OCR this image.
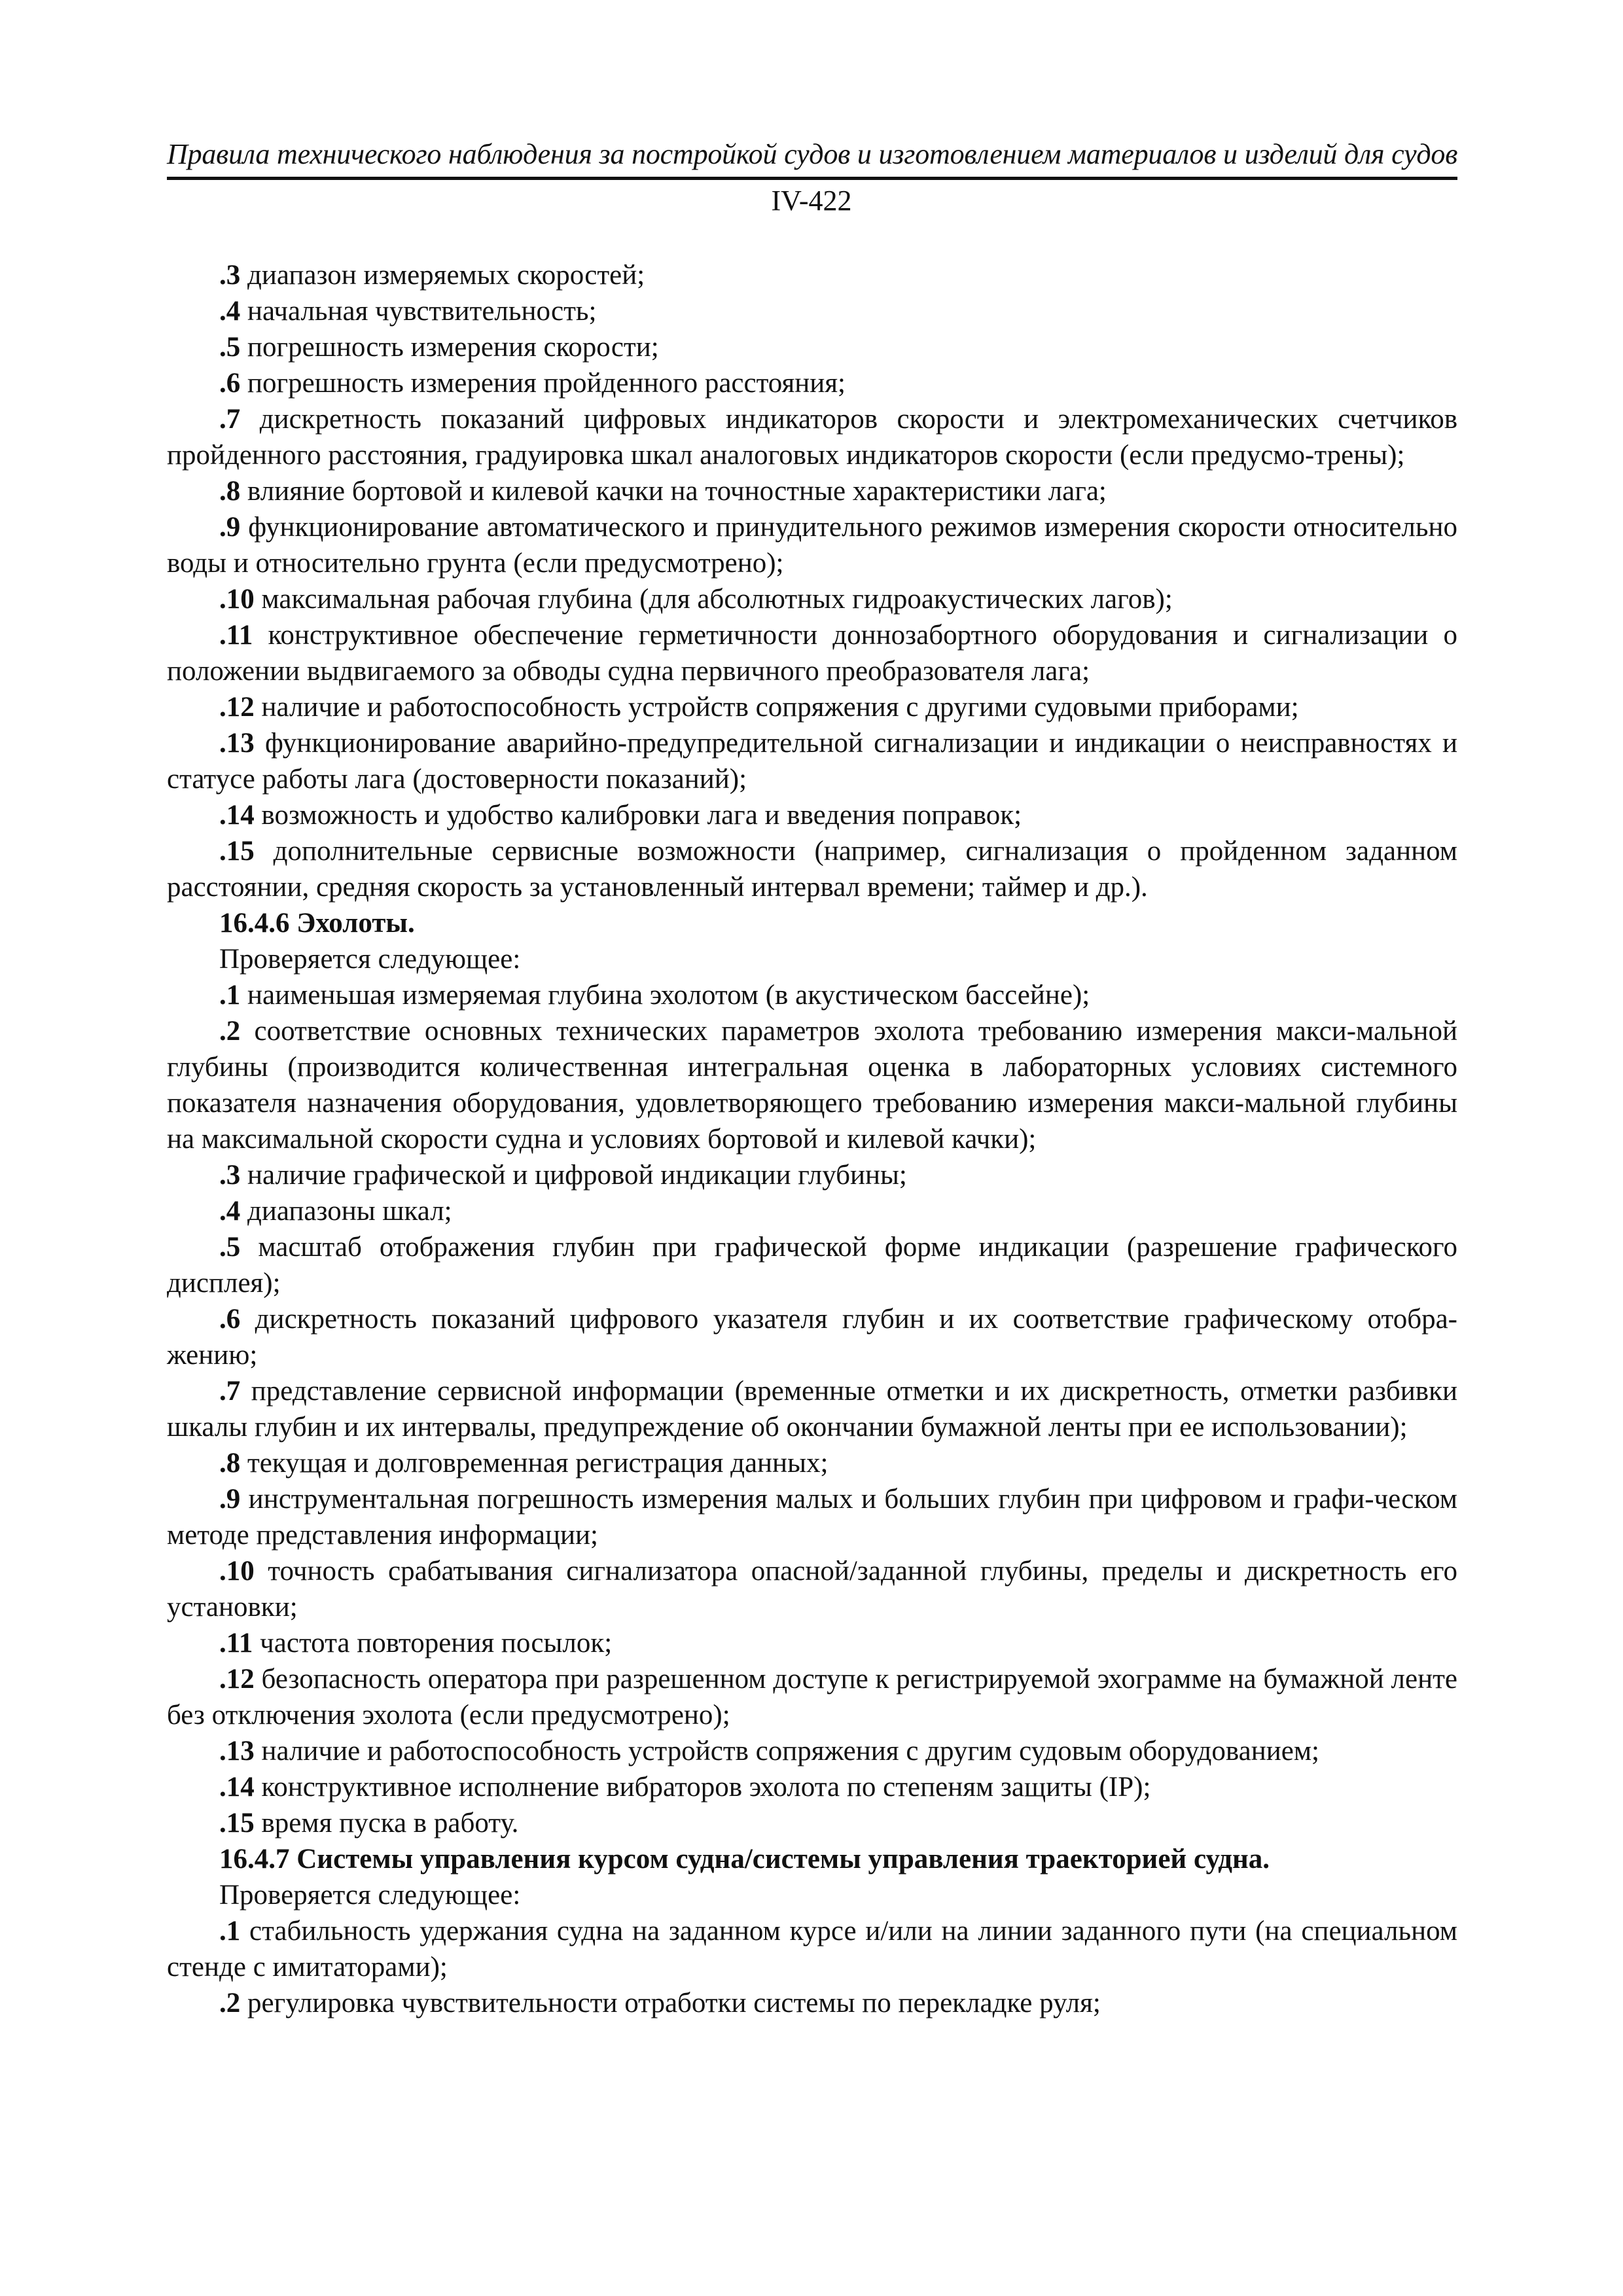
Правила технического наблюдения за постройкой судов и изготовлением материалов и изделий для судов
IV-422

.3 диапазон измеряемых скоростей;

.4 начальная чувствительность;

.5 погрешность измерения скорости;

.6 погрешность измерения пройденного расстояния;

.7 дискретность показаний цифровых индикаторов скорости и электромеханических счетчиков пройденного расстояния, градуировка шкал аналоговых индикаторов скорости (если предусмо-трены);

.8 влияние бортовой и килевой качки на точностные характеристики лага;

.9 функционирование автоматического и принудительного режимов измерения скорости относительно воды и относительно грунта (если предусмотрено);

.10 максимальная рабочая глубина (для абсолютных гидроакустических лагов);

.11 конструктивное обеспечение герметичности доннозабортного оборудования и сигнализации о положении выдвигаемого за обводы судна первичного преобразователя лага;

.12 наличие и работоспособность устройств сопряжения с другими судовыми приборами;

.13 функционирование аварийно-предупредительной сигнализации и индикации о неисправностях и статусе работы лага (достоверности показаний);

.14 возможность и удобство калибровки лага и введения поправок;

.15 дополнительные сервисные возможности (например, сигнализация о пройденном заданном расстоянии, средняя скорость за установленный интервал времени; таймер и др.).

16.4.6 Эхолоты.

Проверяется следующее:

.1 наименьшая измеряемая глубина эхолотом (в акустическом бассейне);

.2 соответствие основных технических параметров эхолота требованию измерения макси-мальной глубины (производится количественная интегральная оценка в лабораторных условиях системного показателя назначения оборудования, удовлетворяющего требованию измерения макси-мальной глубины на максимальной скорости судна и условиях бортовой и килевой качки);

.3 наличие графической и цифровой индикации глубины;

.4 диапазоны шкал;

.5 масштаб отображения глубин при графической форме индикации (разрешение графического дисплея);

.6 дискретность показаний цифрового указателя глубин и их соответствие графическому отобра-жению;

.7 представление сервисной информации (временные отметки и их дискретность, отметки разбивки шкалы глубин и их интервалы, предупреждение об окончании бумажной ленты при ее использовании);

.8 текущая и долговременная регистрация данных;

.9 инструментальная погрешность измерения малых и больших глубин при цифровом и графи-ческом методе представления информации;

.10 точность срабатывания сигнализатора опасной/заданной глубины, пределы и дискретность его установки;

.11 частота повторения посылок;

.12 безопасность оператора при разрешенном доступе к регистрируемой эхограмме на бумажной ленте без отключения эхолота (если предусмотрено);

.13 наличие и работоспособность устройств сопряжения с другим судовым оборудованием;

.14 конструктивное исполнение вибраторов эхолота по степеням защиты (IP);

.15 время пуска в работу.

16.4.7 Системы управления курсом судна/системы управления траекторией судна.

Проверяется следующее:

.1 стабильность удержания судна на заданном курсе и/или на линии заданного пути (на специальном стенде с имитаторами);

.2 регулировка чувствительности отработки системы по перекладке руля;
